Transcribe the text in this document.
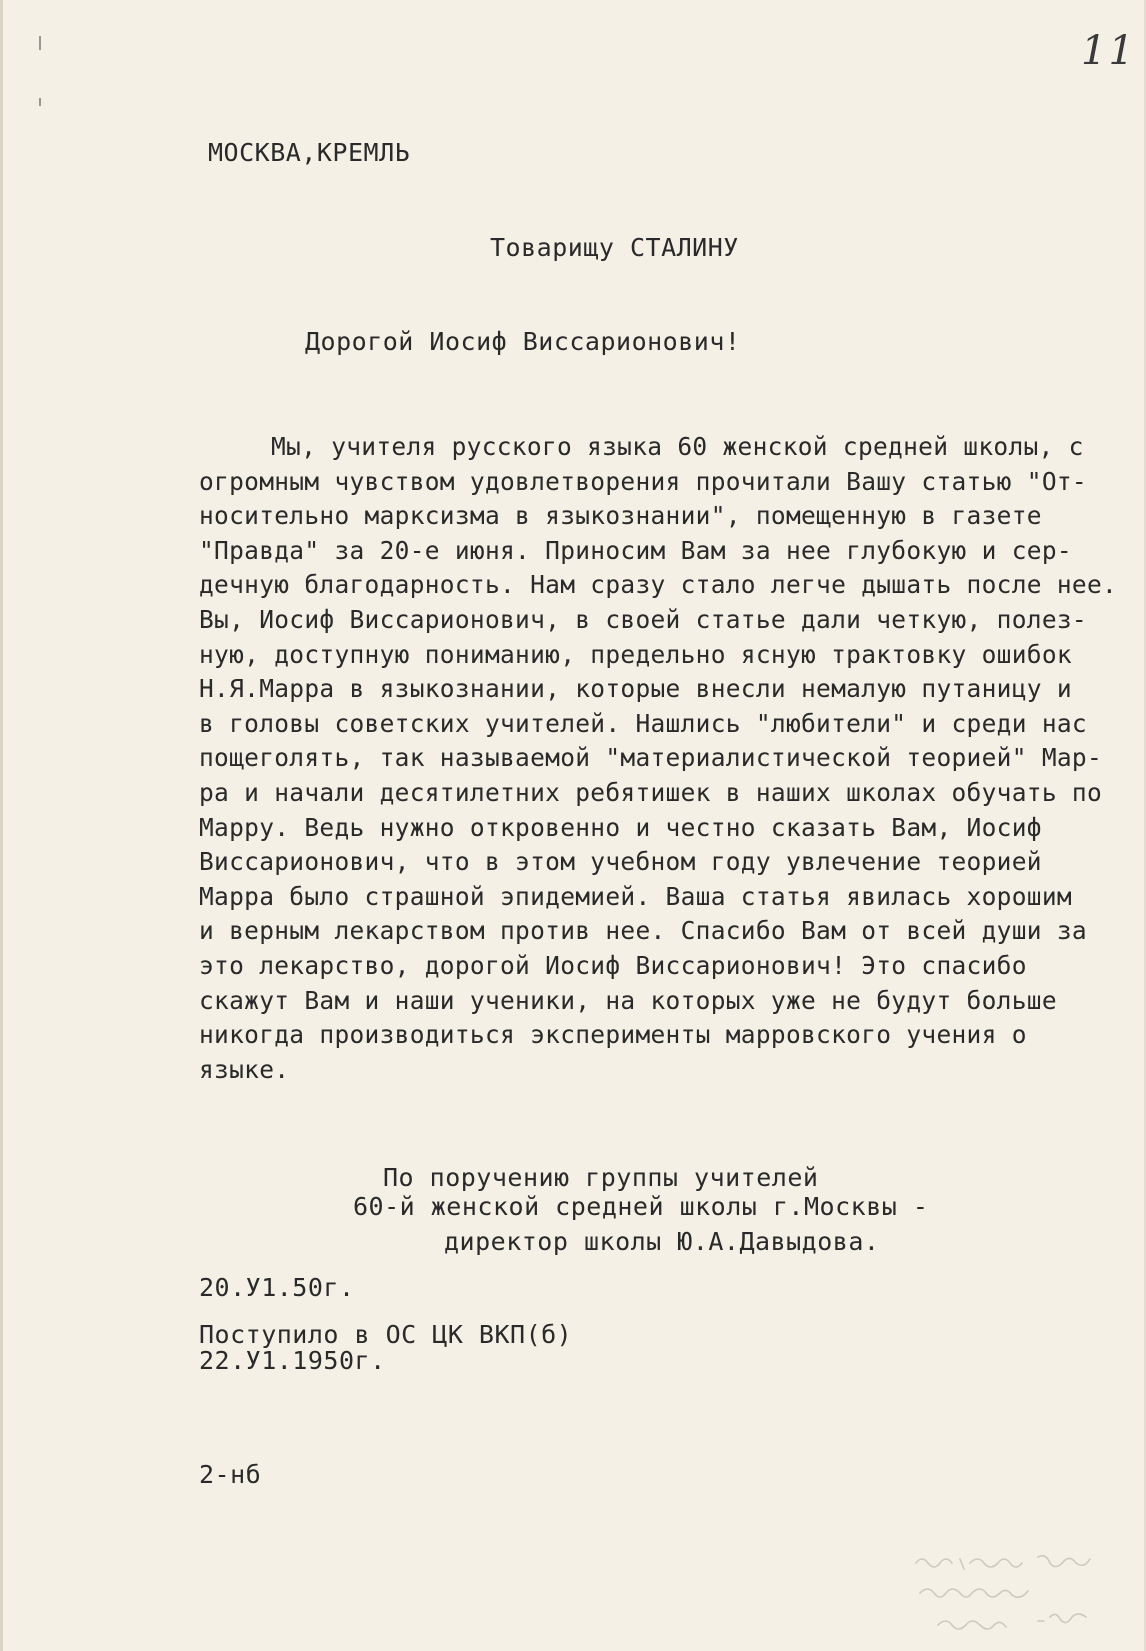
11
МОСКВА,КРЕМЛЬ
Товарищу СТАЛИНУ
Дорогой Иосиф Виссарионович!
Мы, учителя русского языка 60 женской средней школы, с
огромным чувством удовлетворения прочитали Вашу статью "От-
носительно марксизма в языкознании", помещенную в газете
"Правда" за 20-е июня. Приносим Вам за нее глубокую и сер-
дечную благодарность. Нам сразу стало легче дышать после нее.
Вы, Иосиф Виссарионович, в своей статье дали четкую, полез-
ную, доступную пониманию, предельно ясную трактовку ошибок
Н.Я.Марра в языкознании, которые внесли немалую путаницу и
в головы советских учителей. Нашлись "любители" и среди нас
пощеголять, так называемой "материалистической теорией" Мар-
ра и начали десятилетних ребятишек в наших школах обучать по
Марру. Ведь нужно откровенно и честно сказать Вам, Иосиф
Виссарионович, что в этом учебном году увлечение теорией
Марра было страшной эпидемией. Ваша статья явилась хорошим
и верным лекарством против нее. Спасибо Вам от всей души за
это лекарство, дорогой Иосиф Виссарионович! Это спасибо
скажут Вам и наши ученики, на которых уже не будут больше
никогда производиться эксперименты марровского учения о
языке.
По поручению группы учителей
60-й женской средней школы г.Москвы -
директор школы Ю.А.Давыдова.
20.У1.50г.
Поступило в ОС ЦК ВКП(б)
22.У1.1950г.
2-нб
